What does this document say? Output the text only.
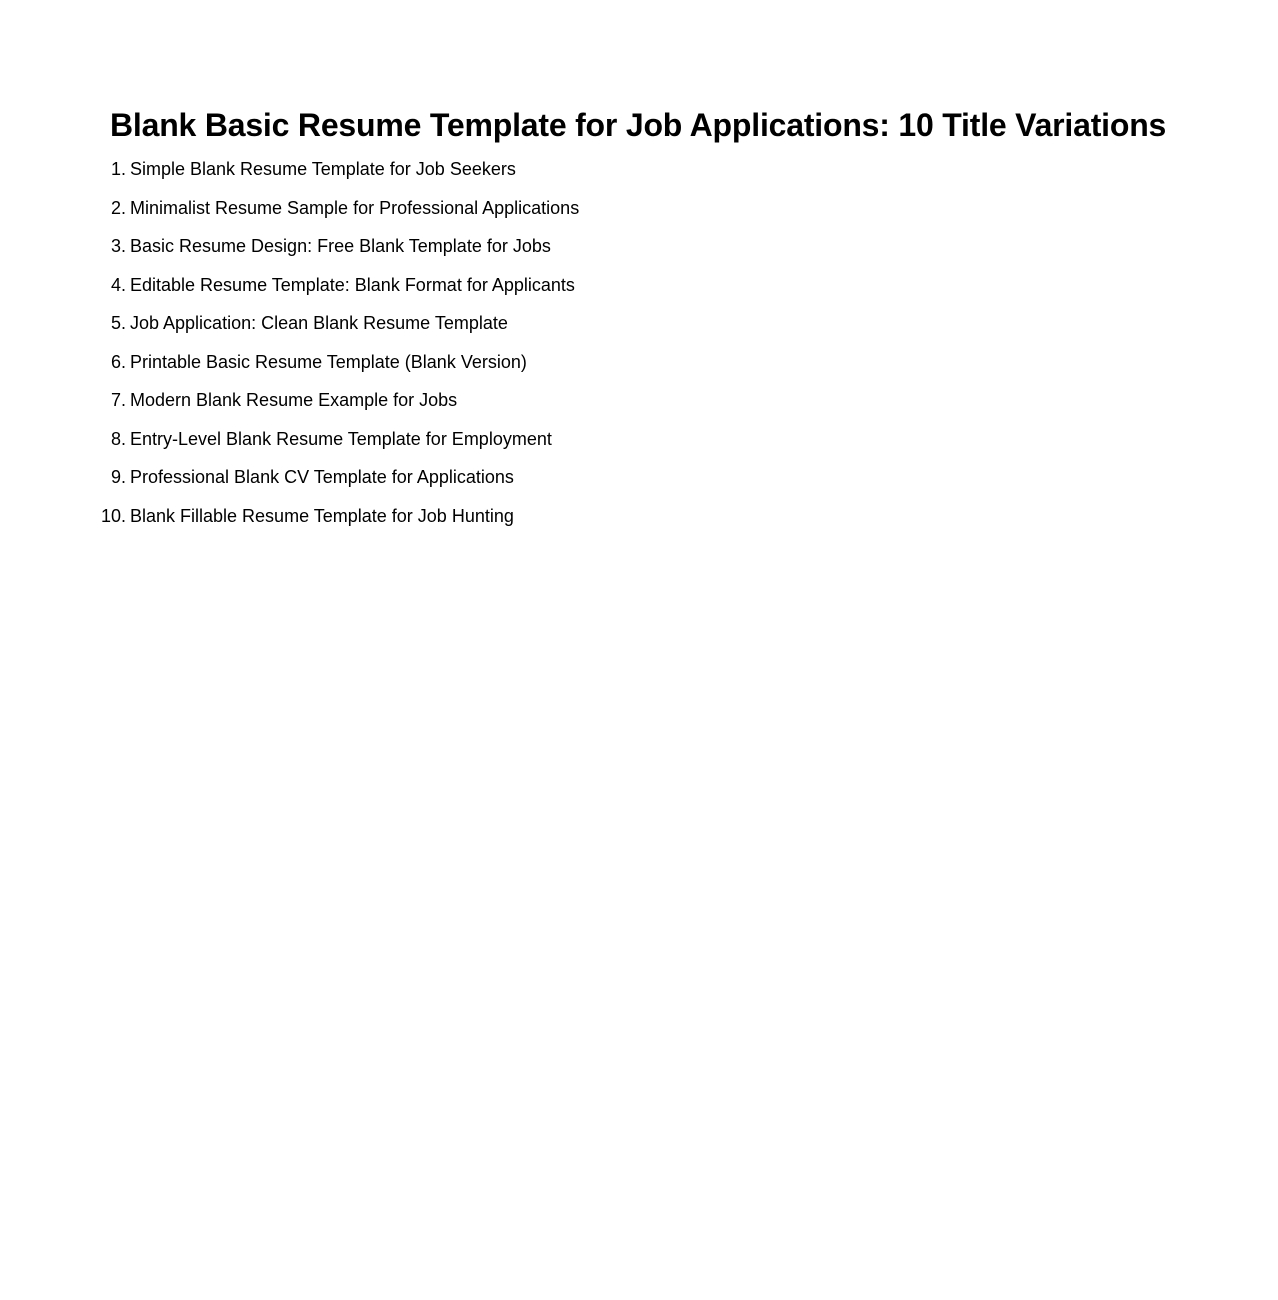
Blank Basic Resume Template for Job Applications: 10 Title Variations
Simple Blank Resume Template for Job Seekers
Minimalist Resume Sample for Professional Applications
Basic Resume Design: Free Blank Template for Jobs
Editable Resume Template: Blank Format for Applicants
Job Application: Clean Blank Resume Template
Printable Basic Resume Template (Blank Version)
Modern Blank Resume Example for Jobs
Entry-Level Blank Resume Template for Employment
Professional Blank CV Template for Applications
Blank Fillable Resume Template for Job Hunting
